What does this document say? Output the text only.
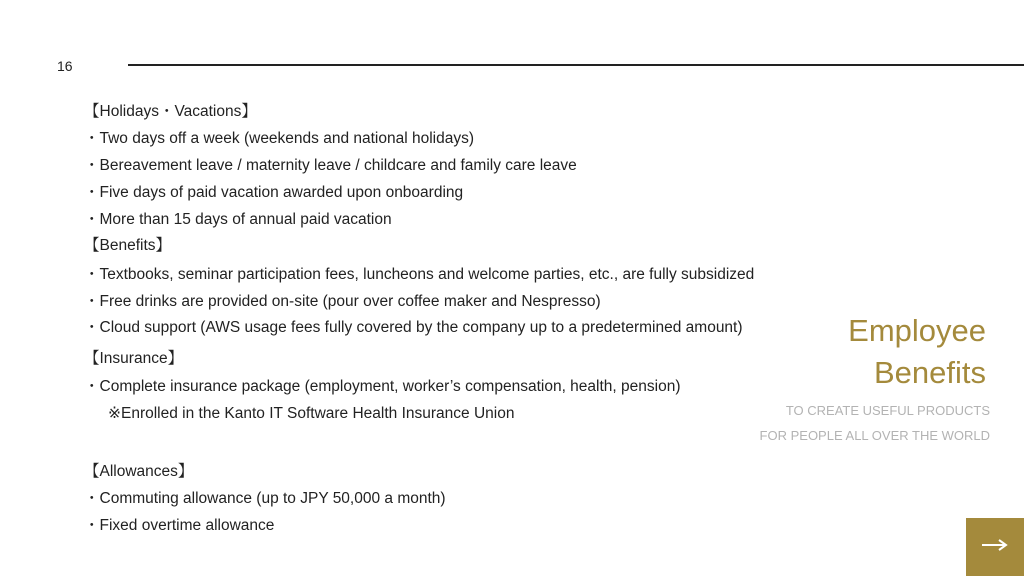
16
【Holidays・Vacations】
・Two days off a week (weekends and national holidays)
・Bereavement leave / maternity leave / childcare and family care leave
・Five days of paid vacation awarded upon onboarding
・More than 15 days of annual paid vacation
【Benefits】
・Textbooks, seminar participation fees, luncheons and welcome parties, etc., are fully subsidized
・Free drinks are provided on-site (pour over coffee maker and Nespresso)
・Cloud support (AWS usage fees fully covered by the company up to a predetermined amount)
【Insurance】
・Complete insurance package (employment, worker’s compensation, health, pension)
※Enrolled in the Kanto IT Software Health Insurance Union
【Allowances】
・Commuting allowance (up to JPY 50,000 a month)
・Fixed overtime allowance
Employee
Benefits
TO CREATE USEFUL PRODUCTS
FOR PEOPLE ALL OVER THE WORLD
